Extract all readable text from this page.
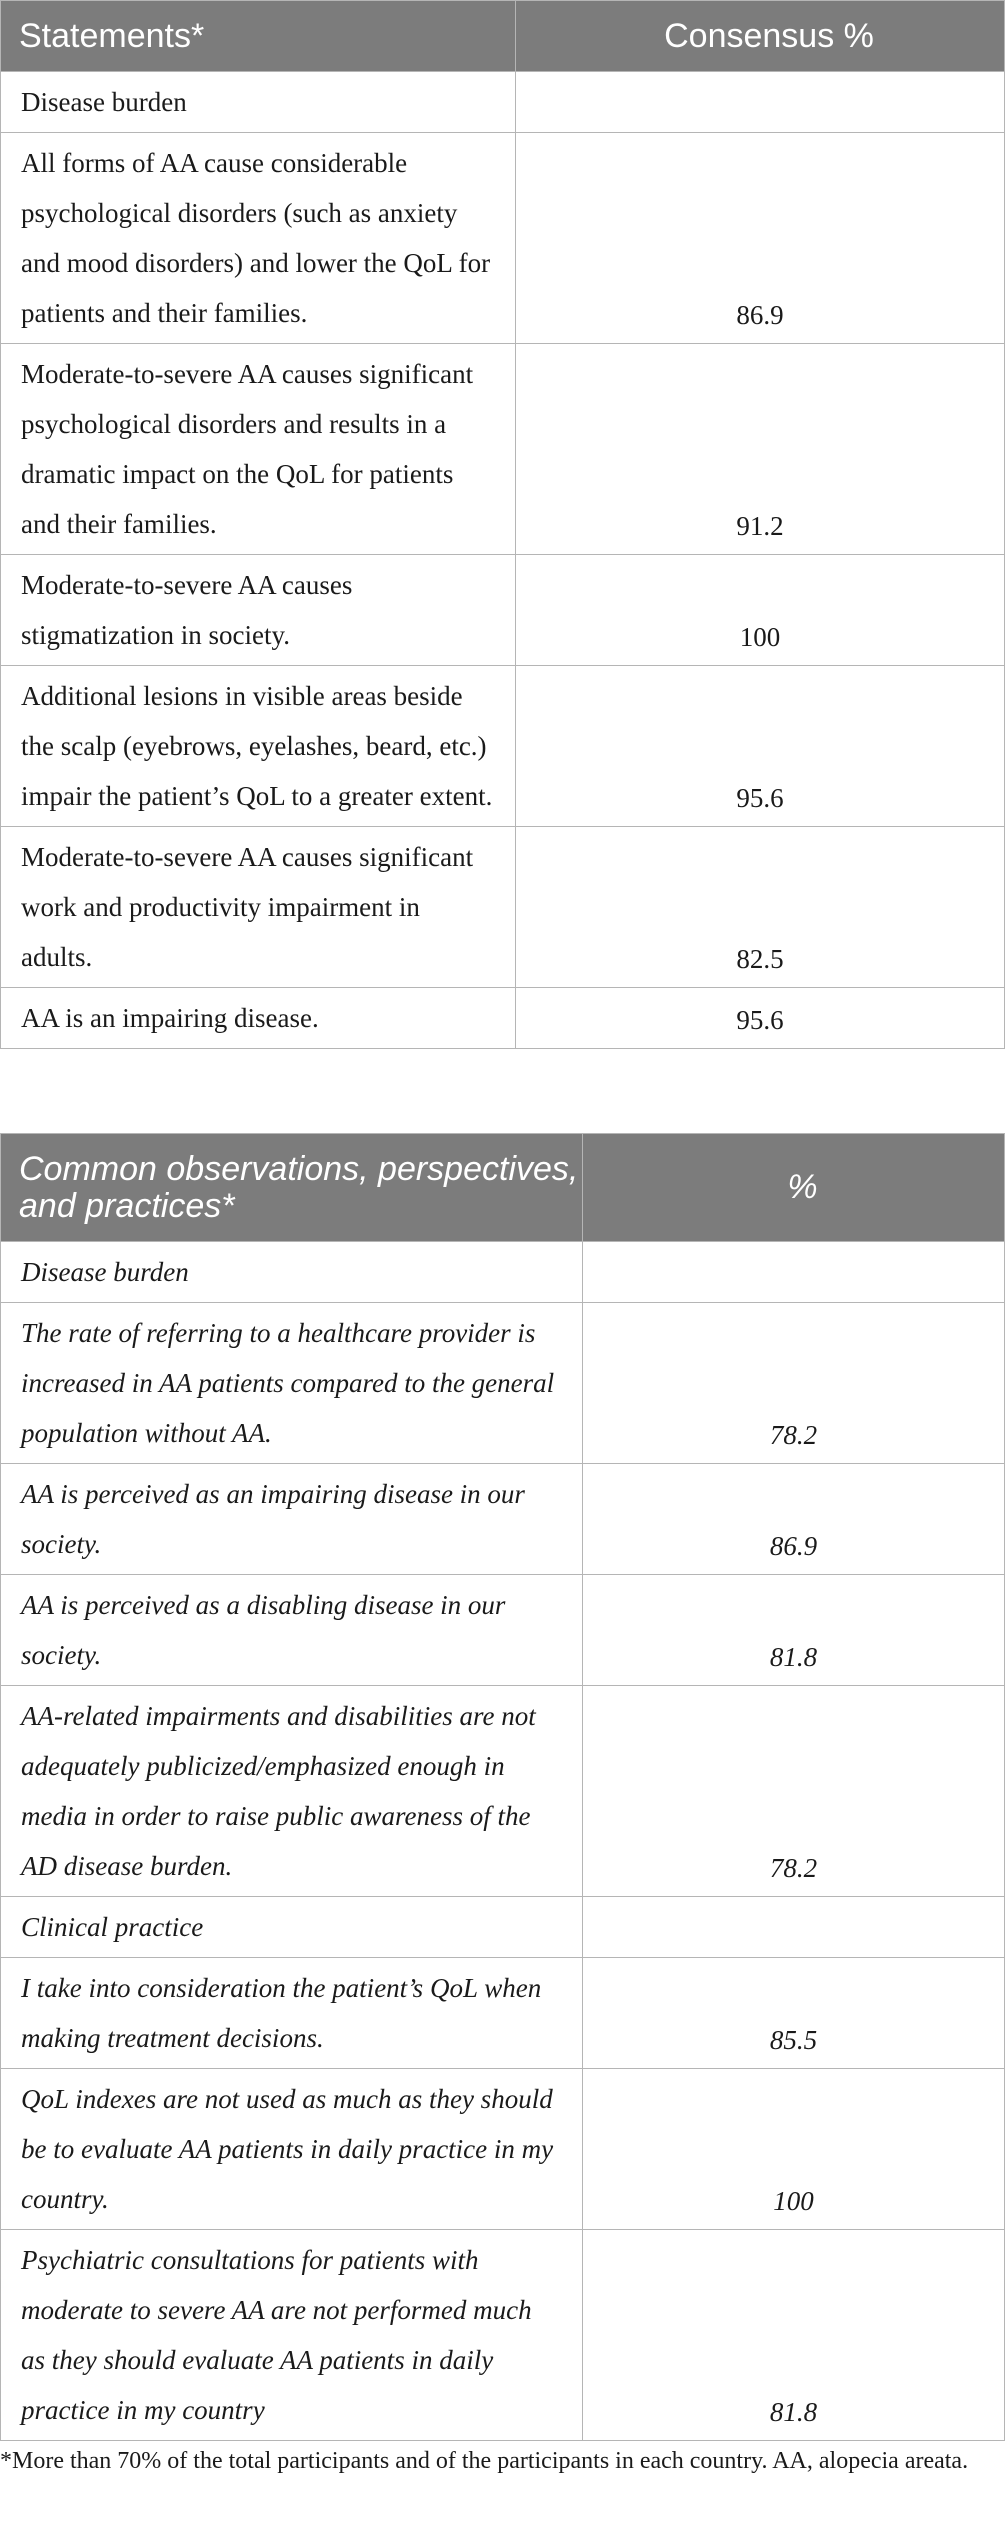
Statements*	Consensus %
Disease burden	
All forms of AA cause considerable psychological disorders (such as anxiety and mood disorders) and lower the QoL for patients and their families.	86.9
Moderate-to-severe AA causes significant psychological disorders and results in a dramatic impact on the QoL for patients and their families.	91.2
Moderate-to-severe AA causes stigmatization in society.	100
Additional lesions in visible areas beside the scalp (eyebrows, eyelashes, beard, etc.) impair the patient’s QoL to a greater extent.	95.6
Moderate-to-severe AA causes significant work and productivity impairment in adults.	82.5
AA is an impairing disease.	95.6
Common observations, perspectives, and practices*	%
Disease burden	
The rate of referring to a healthcare provider is increased in AA patients compared to the general population without AA.	78.2
AA is perceived as an impairing disease in our society.	86.9
AA is perceived as a disabling disease in our society.	81.8
AA-related impairments and disabilities are not adequately publicized/emphasized enough in media in order to raise public awareness of the AD disease burden.	78.2
Clinical practice	
I take into consideration the patient’s QoL when making treatment decisions.	85.5
QoL indexes are not used as much as they should be to evaluate AA patients in daily practice in my country.	100
Psychiatric consultations for patients with moderate to severe AA are not performed much as they should evaluate AA patients in daily practice in my country	81.8
*More than 70% of the total participants and of the participants in each country. AA, alopecia areata.
